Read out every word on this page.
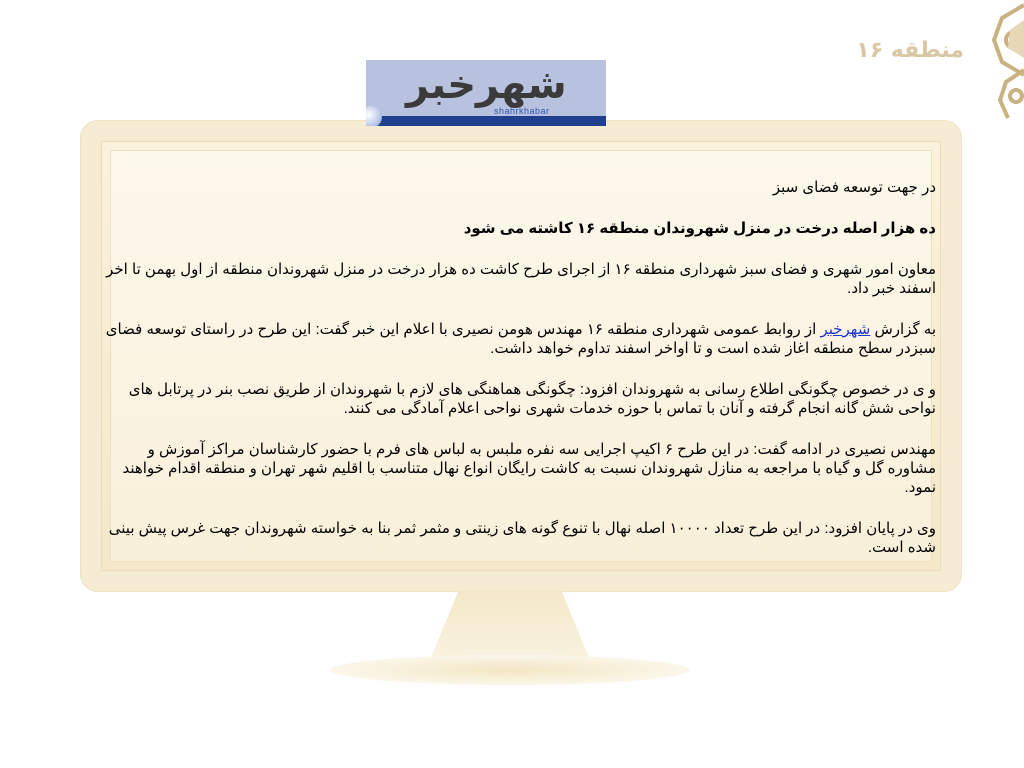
منطقه ۱۶
شهرخبر
shahrkhabar

در جهت توسعه فضای سبز

ده هزار اصله درخت در منزل شهروندان منطقه ۱۶ کاشته می شود

معاون امور شهری و فضای سبز شهرداری منطقه ۱۶ از اجرای طرح کاشت ده هزار درخت در منزل شهروندان منطقه از اول بهمن تا اخر اسفند خبر داد.

به گزارش شهرخبر از روابط عمومی شهرداری منطقه ۱۶ مهندس هومن نصیری با اعلام این خبر گفت: این طرح در راستای توسعه فضای سبزدر سطح منطقه اغاز شده است و تا اواخر اسفند تداوم خواهد داشت.

و ی در خصوص چگونگی اطلاع رسانی به شهروندان افزود: چگونگی هماهنگی های لازم با شهروندان از طریق نصب بنر در پرتابل های نواحی شش گانه انجام گرفته و آنان با تماس با حوزه خدمات شهری نواحی اعلام آمادگی می کنند.

مهندس نصیری در ادامه گفت: در این طرح ۶ اکیپ اجرایی سه نفره ملبس به لباس های فرم با حضور کارشناسان مراکز آموزش و مشاوره گل و گیاه با مراجعه به منازل شهروندان نسبت به کاشت رایگان انواع نهال متناسب با اقلیم شهر تهران و منطقه اقدام خواهند نمود.

وی در پایان افزود: در این طرح تعداد ۱۰۰۰۰ اصله نهال با تنوع گونه های زینتی و مثمر ثمر بنا به خواسته شهروندان جهت غرس پیش بینی شده است.
